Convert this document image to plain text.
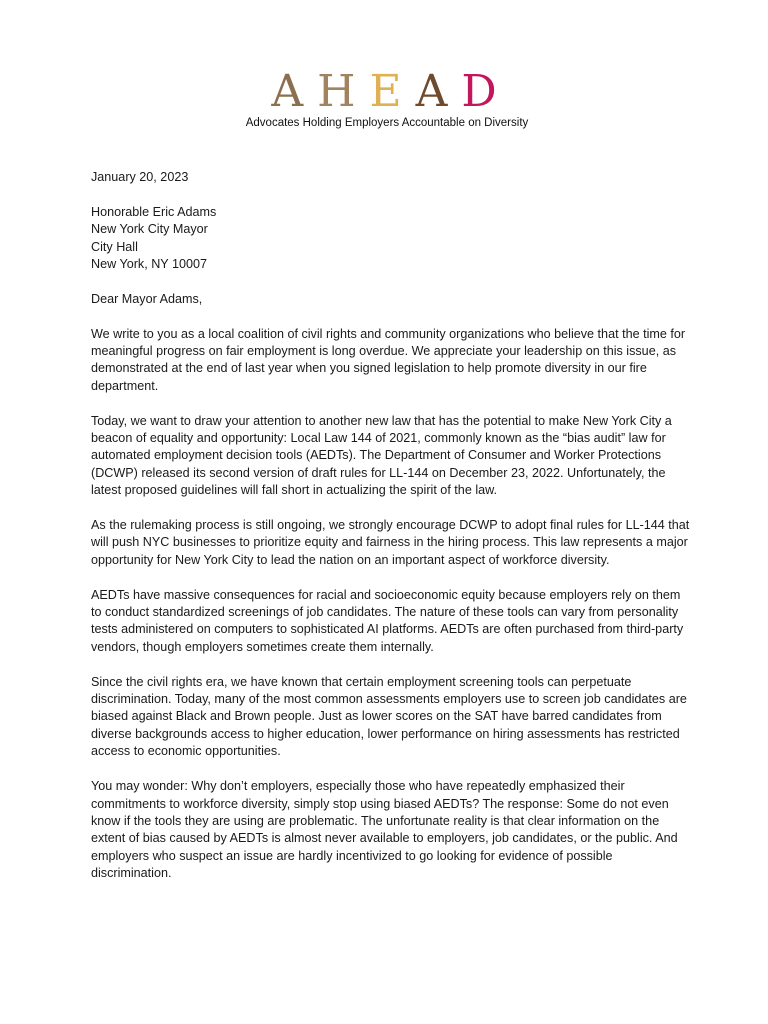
A H E A D
Advocates Holding Employers Accountable on Diversity

January 20, 2023

Honorable Eric Adams
New York City Mayor
City Hall
New York, NY 10007

Dear Mayor Adams,

We write to you as a local coalition of civil rights and community organizations who believe that the time for meaningful progress on fair employment is long overdue. We appreciate your leadership on this issue, as demonstrated at the end of last year when you signed legislation to help promote diversity in our fire department.

Today, we want to draw your attention to another new law that has the potential to make New York City a beacon of equality and opportunity: Local Law 144 of 2021, commonly known as the “bias audit” law for automated employment decision tools (AEDTs). The Department of Consumer and Worker Protections (DCWP) released its second version of draft rules for LL-144 on December 23, 2022. Unfortunately, the latest proposed guidelines will fall short in actualizing the spirit of the law.

As the rulemaking process is still ongoing, we strongly encourage DCWP to adopt final rules for LL-144 that will push NYC businesses to prioritize equity and fairness in the hiring process. This law represents a major opportunity for New York City to lead the nation on an important aspect of workforce diversity.

AEDTs have massive consequences for racial and socioeconomic equity because employers rely on them to conduct standardized screenings of job candidates. The nature of these tools can vary from personality tests administered on computers to sophisticated AI platforms. AEDTs are often purchased from third-party vendors, though employers sometimes create them internally.

Since the civil rights era, we have known that certain employment screening tools can perpetuate discrimination. Today, many of the most common assessments employers use to screen job candidates are biased against Black and Brown people. Just as lower scores on the SAT have barred candidates from diverse backgrounds access to higher education, lower performance on hiring assessments has restricted access to economic opportunities.

You may wonder: Why don’t employers, especially those who have repeatedly emphasized their commitments to workforce diversity, simply stop using biased AEDTs? The response: Some do not even know if the tools they are using are problematic. The unfortunate reality is that clear information on the extent of bias caused by AEDTs is almost never available to employers, job candidates, or the public. And employers who suspect an issue are hardly incentivized to go looking for evidence of possible discrimination.
